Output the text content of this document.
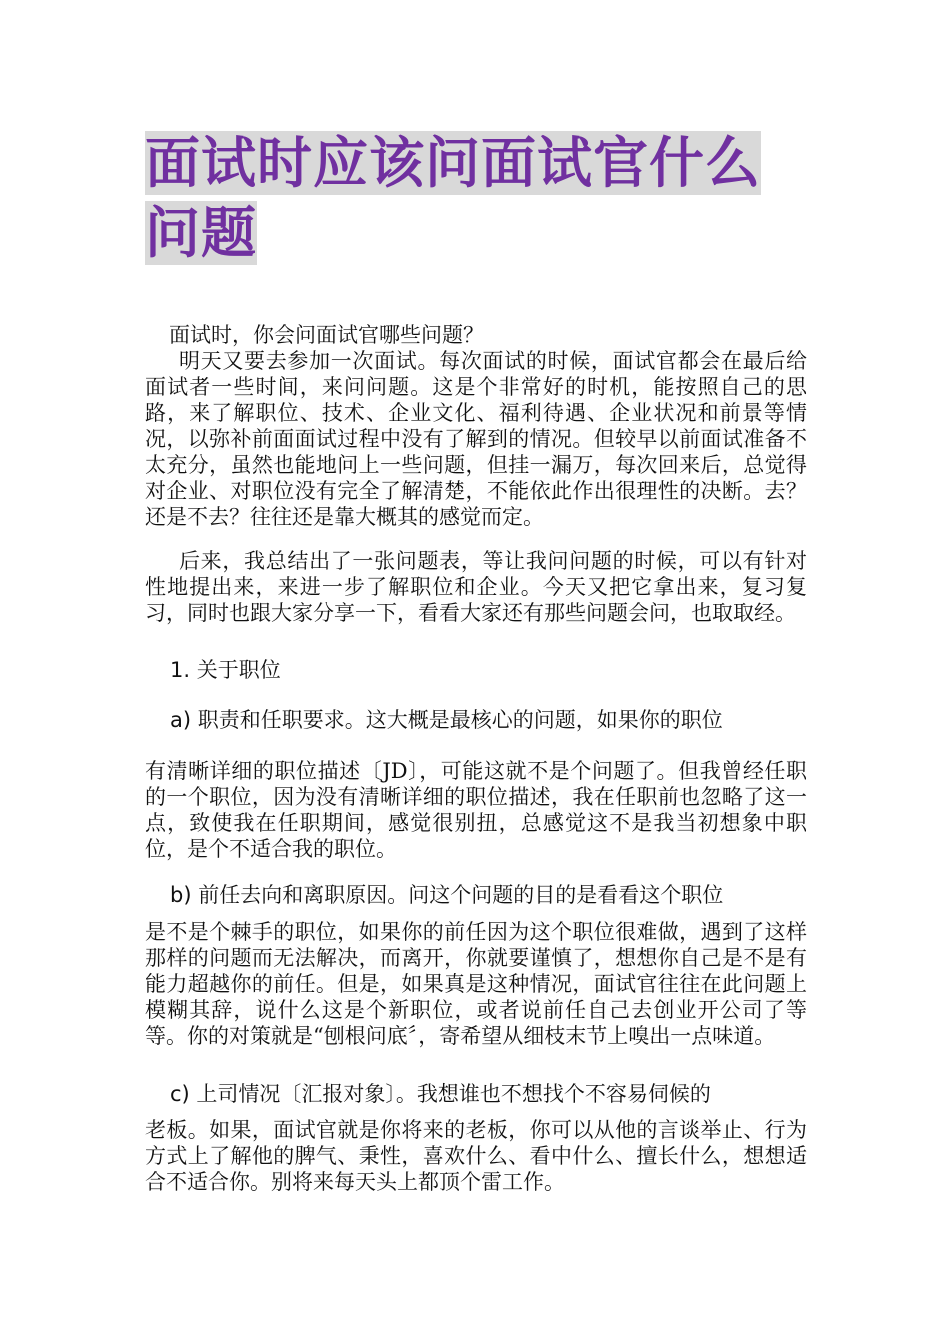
面试时应该问面试官什么问题

面试时，你会问面试官哪些问题？

明天又要去参加一次面试。每次面试的时候，面试官都会在最后给面试者一些时间，来问问题。这是个非常好的时机，能按照自己的思路，来了解职位、技术、企业文化、福利待遇、企业状况和前景等情况，以弥补前面面试过程中没有了解到的情况。但较早以前面试准备不太充分，虽然也能地问上一些问题，但挂一漏万，每次回来后，总觉得对企业、对职位没有完全了解清楚，不能依此作出很理性的决断。去？还是不去？往往还是靠大概其的感觉而定。

后来，我总结出了一张问题表，等让我问问题的时候，可以有针对性地提出来，来进一步了解职位和企业。今天又把它拿出来，复习复习，同时也跟大家分享一下，看看大家还有那些问题会问，也取取经。

1. 关于职位

a) 职责和任职要求。这大概是最核心的问题，如果你的职位

有清晰详细的职位描述〔JD〕，可能这就不是个问题了。但我曾经任职的一个职位，因为没有清晰详细的职位描述，我在任职前也忽略了这一点，致使我在任职期间，感觉很别扭，总感觉这不是我当初想象中职位，是个不适合我的职位。

b) 前任去向和离职原因。问这个问题的目的是看看这个职位

是不是个棘手的职位，如果你的前任因为这个职位很难做，遇到了这样那样的问题而无法解决，而离开，你就要谨慎了，想想你自己是不是有能力超越你的前任。但是，如果真是这种情况，面试官往往在此问题上模糊其辞，说什么这是个新职位，或者说前任自己去创业开公司了等等。你的对策就是“刨根问底〞，寄希望从细枝末节上嗅出一点味道。

c) 上司情况〔汇报对象〕。我想谁也不想找个不容易伺候的

老板。如果，面试官就是你将来的老板，你可以从他的言谈举止、行为方式上了解他的脾气、秉性，喜欢什么、看中什么、擅长什么，想想适合不适合你。别将来每天头上都顶个雷工作。
